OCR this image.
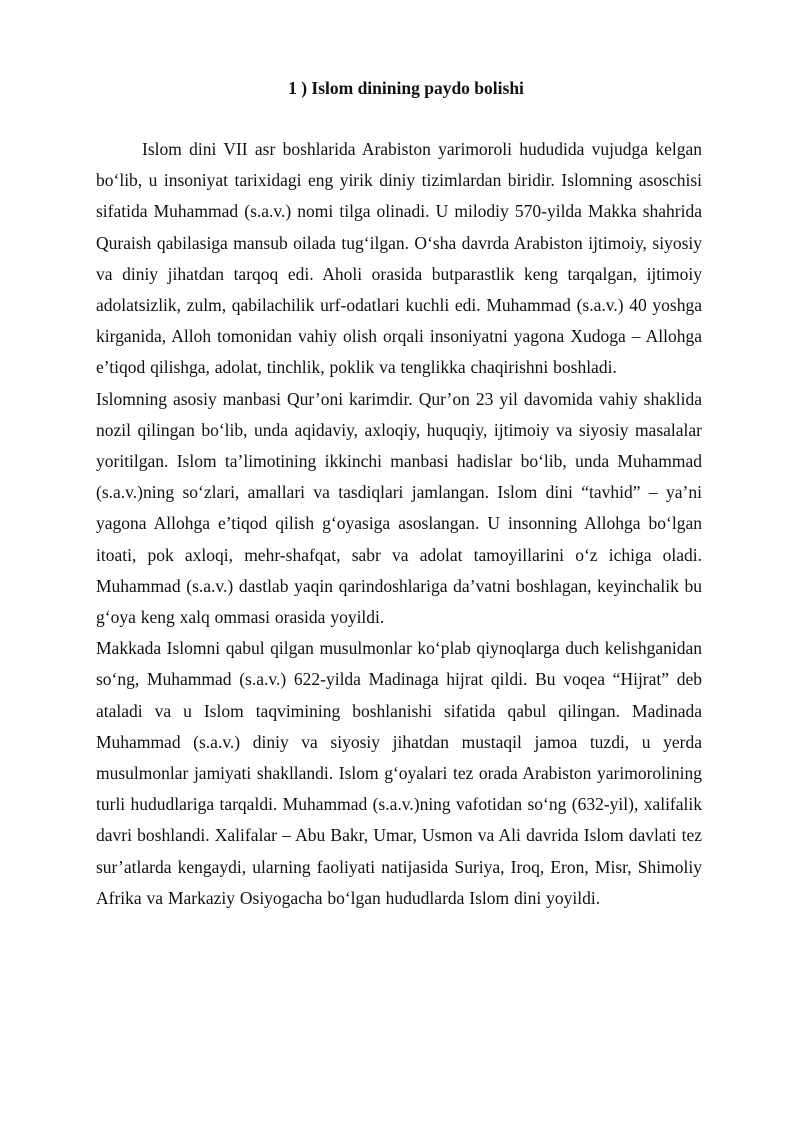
1 ) Islom dinining paydo bolishi

Islom dini VII asr boshlarida Arabiston yarimoroli hududida vujudga kelgan bo‘lib, u insoniyat tarixidagi eng yirik diniy tizimlardan biridir. Islomning asoschisi sifatida Muhammad (s.a.v.) nomi tilga olinadi. U milodiy 570-yilda Makka shahrida Quraish qabilasiga mansub oilada tug‘ilgan. O‘sha davrda Arabiston ijtimoiy, siyosiy va diniy jihatdan tarqoq edi. Aholi orasida butparastlik keng tarqalgan, ijtimoiy adolatsizlik, zulm, qabilachilik urf-odatlari kuchli edi. Muhammad (s.a.v.) 40 yoshga kirganida, Alloh tomonidan vahiy olish orqali insoniyatni yagona Xudoga – Allohga e’tiqod qilishga, adolat, tinchlik, poklik va tenglikka chaqirishni boshladi.

Islomning asosiy manbasi Qur’oni karimdir. Qur’on 23 yil davomida vahiy shaklida nozil qilingan bo‘lib, unda aqidaviy, axloqiy, huquqiy, ijtimoiy va siyosiy masalalar yoritilgan. Islom ta’limotining ikkinchi manbasi hadislar bo‘lib, unda Muhammad (s.a.v.)ning so‘zlari, amallari va tasdiqlari jamlangan. Islom dini “tavhid” – ya’ni yagona Allohga e’tiqod qilish g‘oyasiga asoslangan. U insonning Allohga bo‘lgan itoati, pok axloqi, mehr-shafqat, sabr va adolat tamoyillarini o‘z ichiga oladi. Muhammad (s.a.v.) dastlab yaqin qarindoshlariga da’vatni boshlagan, keyinchalik bu g‘oya keng xalq ommasi orasida yoyildi.

Makkada Islomni qabul qilgan musulmonlar ko‘plab qiynoqlarga duch kelishganidan so‘ng, Muhammad (s.a.v.) 622-yilda Madinaga hijrat qildi. Bu voqea “Hijrat” deb ataladi va u Islom taqvimining boshlanishi sifatida qabul qilingan. Madinada Muhammad (s.a.v.) diniy va siyosiy jihatdan mustaqil jamoa tuzdi, u yerda musulmonlar jamiyati shakllandi. Islom g‘oyalari tez orada Arabiston yarimorolining turli hududlariga tarqaldi. Muhammad (s.a.v.)ning vafotidan so‘ng (632-yil), xalifalik davri boshlandi. Xalifalar – Abu Bakr, Umar, Usmon va Ali davrida Islom davlati tez sur’atlarda kengaydi, ularning faoliyati natijasida Suriya, Iroq, Eron, Misr, Shimoliy Afrika va Markaziy Osiyogacha bo‘lgan hududlarda Islom dini yoyildi.
